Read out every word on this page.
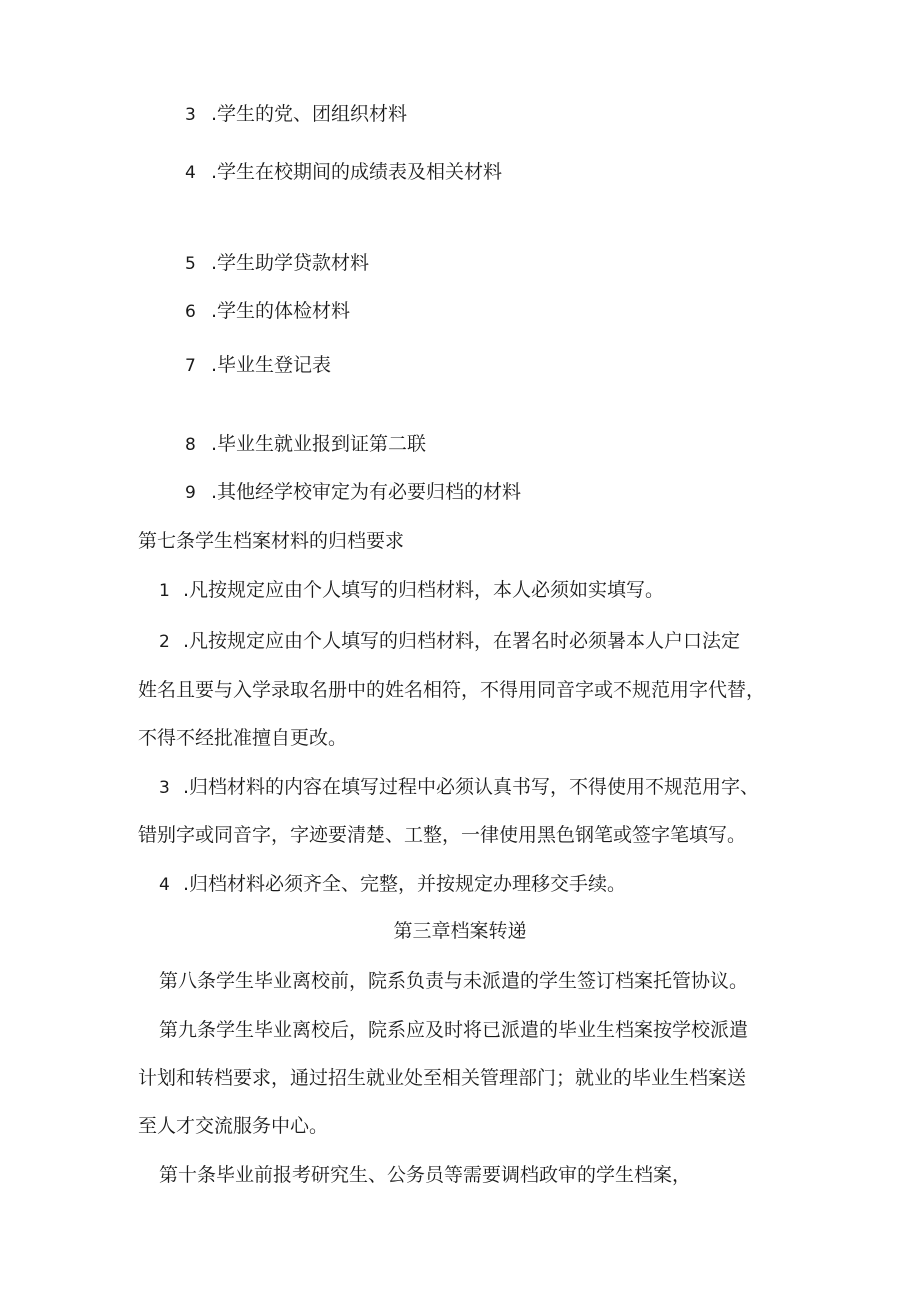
3 .学生的党、团组织材料
4 .学生在校期间的成绩表及相关材料
5 .学生助学贷款材料
6 .学生的体检材料
7 .毕业生登记表
8 .毕业生就业报到证第二联
9 .其他经学校审定为有必要归档的材料
第七条学生档案材料的归档要求
1 .凡按规定应由个人填写的归档材料，本人必须如实填写。
2 .凡按规定应由个人填写的归档材料，在署名时必须暑本人户口法定
姓名且要与入学录取名册中的姓名相符，不得用同音字或不规范用字代替，
不得不经批准擅自更改。
3 .归档材料的内容在填写过程中必须认真书写，不得使用不规范用字、
错别字或同音字，字迹要清楚、工整，一律使用黑色钢笔或签字笔填写。
4 .归档材料必须齐全、完整，并按规定办理移交手续。
第三章档案转递
第八条学生毕业离校前，院系负责与未派遣的学生签订档案托管协议。
第九条学生毕业离校后，院系应及时将已派遣的毕业生档案按学校派遣
计划和转档要求，通过招生就业处至相关管理部门；就业的毕业生档案送
至人才交流服务中心。
第十条毕业前报考研究生、公务员等需要调档政审的学生档案，
